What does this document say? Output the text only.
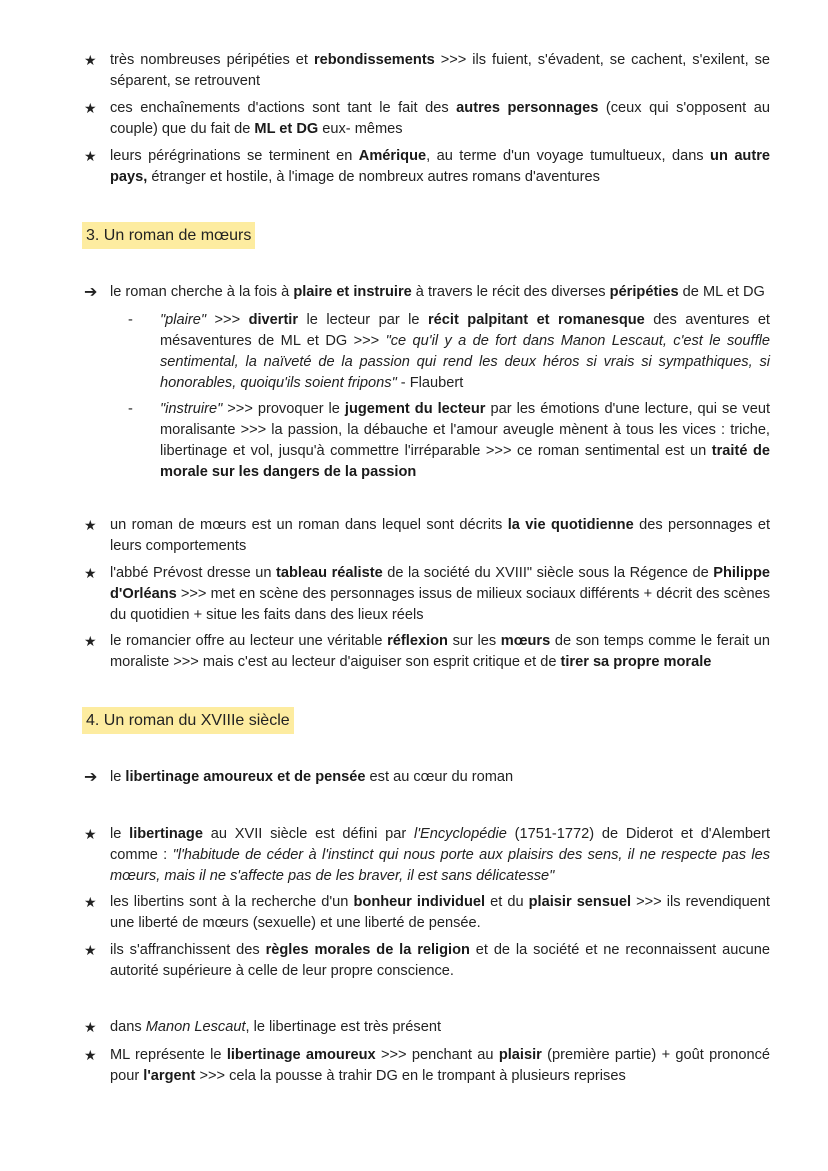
★ très nombreuses péripéties et rebondissements >>> ils fuient, s'évadent, se cachent, s'exilent, se séparent, se retrouvent

★ ces enchaînements d'actions sont tant le fait des autres personnages (ceux qui s'opposent au couple) que du fait de ML et DG eux- mêmes

★ leurs pérégrinations se terminent en Amérique, au terme d'un voyage tumultueux, dans un autre pays, étranger et hostile, à l'image de nombreux autres romans d'aventures

3. Un roman de mœurs
➔ le roman cherche à la fois à plaire et instruire à travers le récit des diverses péripéties de ML et DG

-	"plaire" >>> divertir le lecteur par le récit palpitant et romanesque des aventures et mésaventures de ML et DG >>> "ce qu'il y a de fort dans Manon Lescaut, c'est le souffle sentimental, la naïveté de la passion qui rend les deux héros si vrais si sympathiques, si honorables, quoiqu'ils soient fripons" - Flaubert

-	"instruire" >>> provoquer le jugement du lecteur par les émotions d'une lecture, qui se veut moralisante >>> la passion, la débauche et l'amour aveugle mènent à tous les vices : triche, libertinage et vol, jusqu'à commettre l'irréparable >>> ce roman sentimental est un traité de morale sur les dangers de la passion

★ un roman de mœurs est un roman dans lequel sont décrits la vie quotidienne des personnages et leurs comportements

★ l'abbé Prévost dresse un tableau réaliste de la société du XVIII" siècle sous la Régence de Philippe d'Orléans >>> met en scène des personnages issus de milieux sociaux différents + décrit des scènes du quotidien + situe les faits dans des lieux réels

★ le romancier offre au lecteur une véritable réflexion sur les mœurs de son temps comme le ferait un moraliste >>> mais c'est au lecteur d'aiguiser son esprit critique et de tirer sa propre morale

4. Un roman du XVIIIe siècle
➔ le libertinage amoureux et de pensée est au cœur du roman

★ le libertinage au XVII siècle est défini par l'Encyclopédie (1751-1772) de Diderot et d'Alembert comme : "l'habitude de céder à l'instinct qui nous porte aux plaisirs des sens, il ne respecte pas les mœurs, mais il ne s'affecte pas de les braver, il est sans délicatesse"

★ les libertins sont à la recherche d'un bonheur individuel et du plaisir sensuel >>> ils revendiquent une liberté de mœurs (sexuelle) et une liberté de pensée.

★ ils s'affranchissent des règles morales de la religion et de la société et ne reconnaissent aucune autorité supérieure à celle de leur propre conscience.

★ dans Manon Lescaut, le libertinage est très présent

★ ML représente le libertinage amoureux >>> penchant au plaisir (première partie) + goût prononcé pour l'argent >>> cela la pousse à trahir DG en le trompant à plusieurs reprises
